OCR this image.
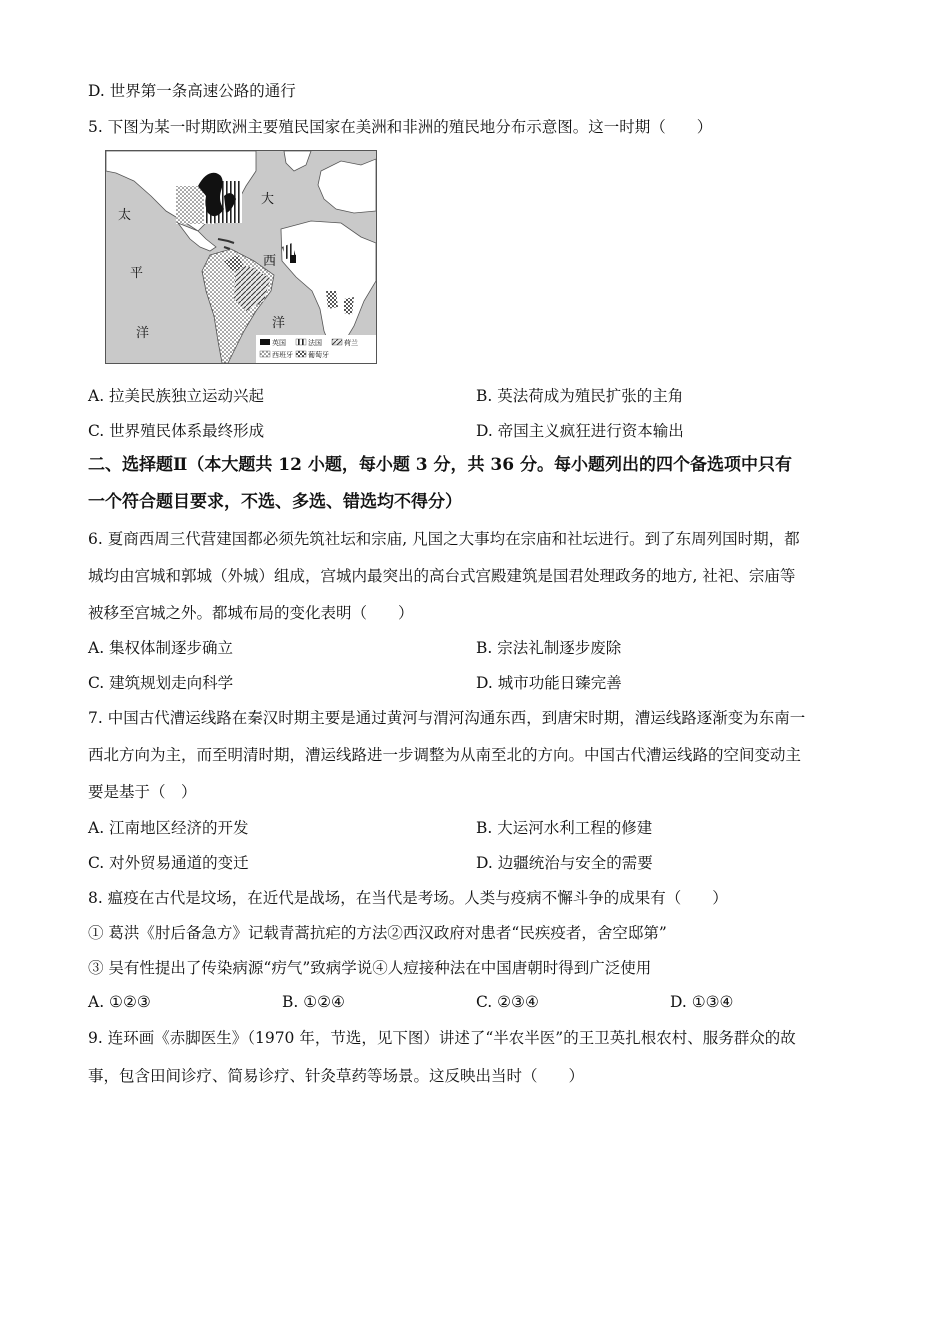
D. 世界第一条高速公路的通行
5. 下图为某一时期欧洲主要殖民国家在美洲和非洲的殖民地分布示意图。这一时期（　　）
太
平
洋
大
西
洋
英国	法国	荷兰
西班牙 葡萄牙
A. 拉美民族独立运动兴起	B. 英法荷成为殖民扩张的主角
C. 世界殖民体系最终形成	D. 帝国主义疯狂进行资本输出
二、选择题Ⅱ（本大题共 12 小题，每小题 3 分，共 36 分。每小题列出的四个备选项中只有
一个符合题目要求，不选、多选、错选均不得分）
6. 夏商西周三代营建国都必须先筑社坛和宗庙, 凡国之大事均在宗庙和社坛进行。到了东周列国时期，都
城均由宫城和郭城（外城）组成，宫城内最突出的高台式宫殿建筑是国君处理政务的地方, 社祀、宗庙等
被移至宫城之外。都城布局的变化表明（　　）
A. 集权体制逐步确立	B. 宗法礼制逐步废除
C. 建筑规划走向科学	D. 城市功能日臻完善
7. 中国古代漕运线路在秦汉时期主要是通过黄河与渭河沟通东西，到唐宋时期，漕运线路逐渐变为东南一
西北方向为主，而至明清时期，漕运线路进一步调整为从南至北的方向。中国古代漕运线路的空间变动主
要是基于（　）
A. 江南地区经济的开发	B. 大运河水利工程的修建
C. 对外贸易通道的变迁	D. 边疆统治与安全的需要
8. 瘟疫在古代是坟场，在近代是战场，在当代是考场。人类与疫病不懈斗争的成果有（　　）
① 葛洪《肘后备急方》记载青蒿抗疟的方法②西汉政府对患者“民疾疫者，舍空邸第”
③ 吴有性提出了传染病源“疠气”致病学说④人痘接种法在中国唐朝时得到广泛使用
A. ①②③	B. ①②④	C. ②③④	D. ①③④
9. 连环画《赤脚医生》（1970 年，节选，见下图）讲述了“半农半医”的王卫英扎根农村、服务群众的故
事，包含田间诊疗、简易诊疗、针灸草药等场景。这反映出当时（　　）
